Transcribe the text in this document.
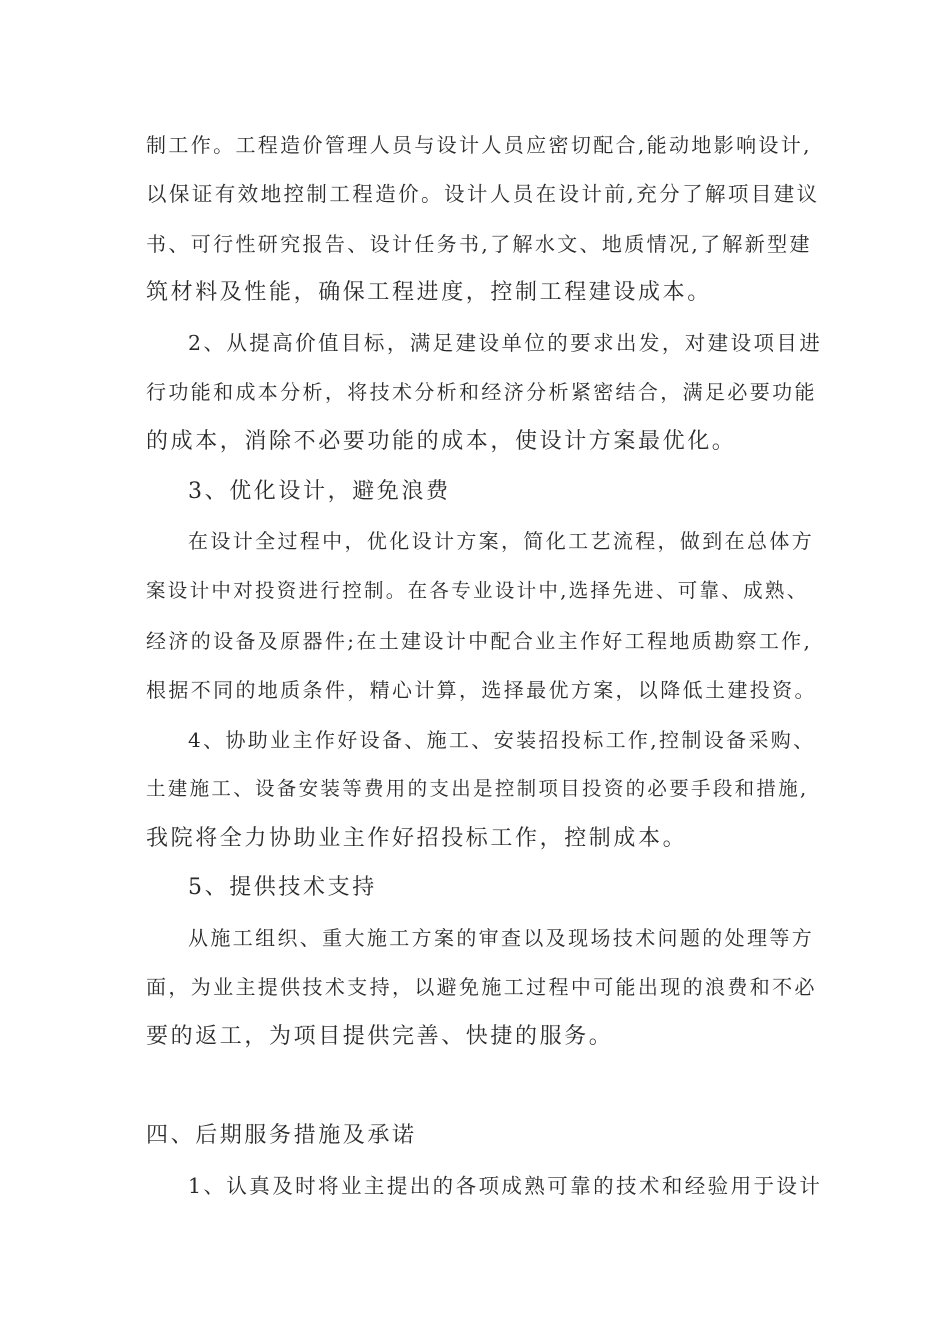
制工作。工程造价管理人员与设计人员应密切配合,能动地影响设计,
以保证有效地控制工程造价。设计人员在设计前,充分了解项目建议
书、可行性研究报告、设计任务书,了解水文、地质情况,了解新型建
筑材料及性能，确保工程进度，控制工程建设成本。
2、从提高价值目标，满足建设单位的要求出发，对建设项目进
行功能和成本分析，将技术分析和经济分析紧密结合，满足必要功能
的成本，消除不必要功能的成本，使设计方案最优化。
3、优化设计，避免浪费
在设计全过程中，优化设计方案，简化工艺流程，做到在总体方
案设计中对投资进行控制。在各专业设计中,选择先进、可靠、成熟、
经济的设备及原器件;在土建设计中配合业主作好工程地质勘察工作,
根据不同的地质条件，精心计算，选择最优方案，以降低土建投资。
4、协助业主作好设备、施工、安装招投标工作,控制设备采购、
土建施工、设备安装等费用的支出是控制项目投资的必要手段和措施,
我院将全力协助业主作好招投标工作，控制成本。
5、提供技术支持
从施工组织、重大施工方案的审查以及现场技术问题的处理等方
面，为业主提供技术支持，以避免施工过程中可能出现的浪费和不必
要的返工，为项目提供完善、快捷的服务。
四、后期服务措施及承诺
1、认真及时将业主提出的各项成熟可靠的技术和经验用于设计
